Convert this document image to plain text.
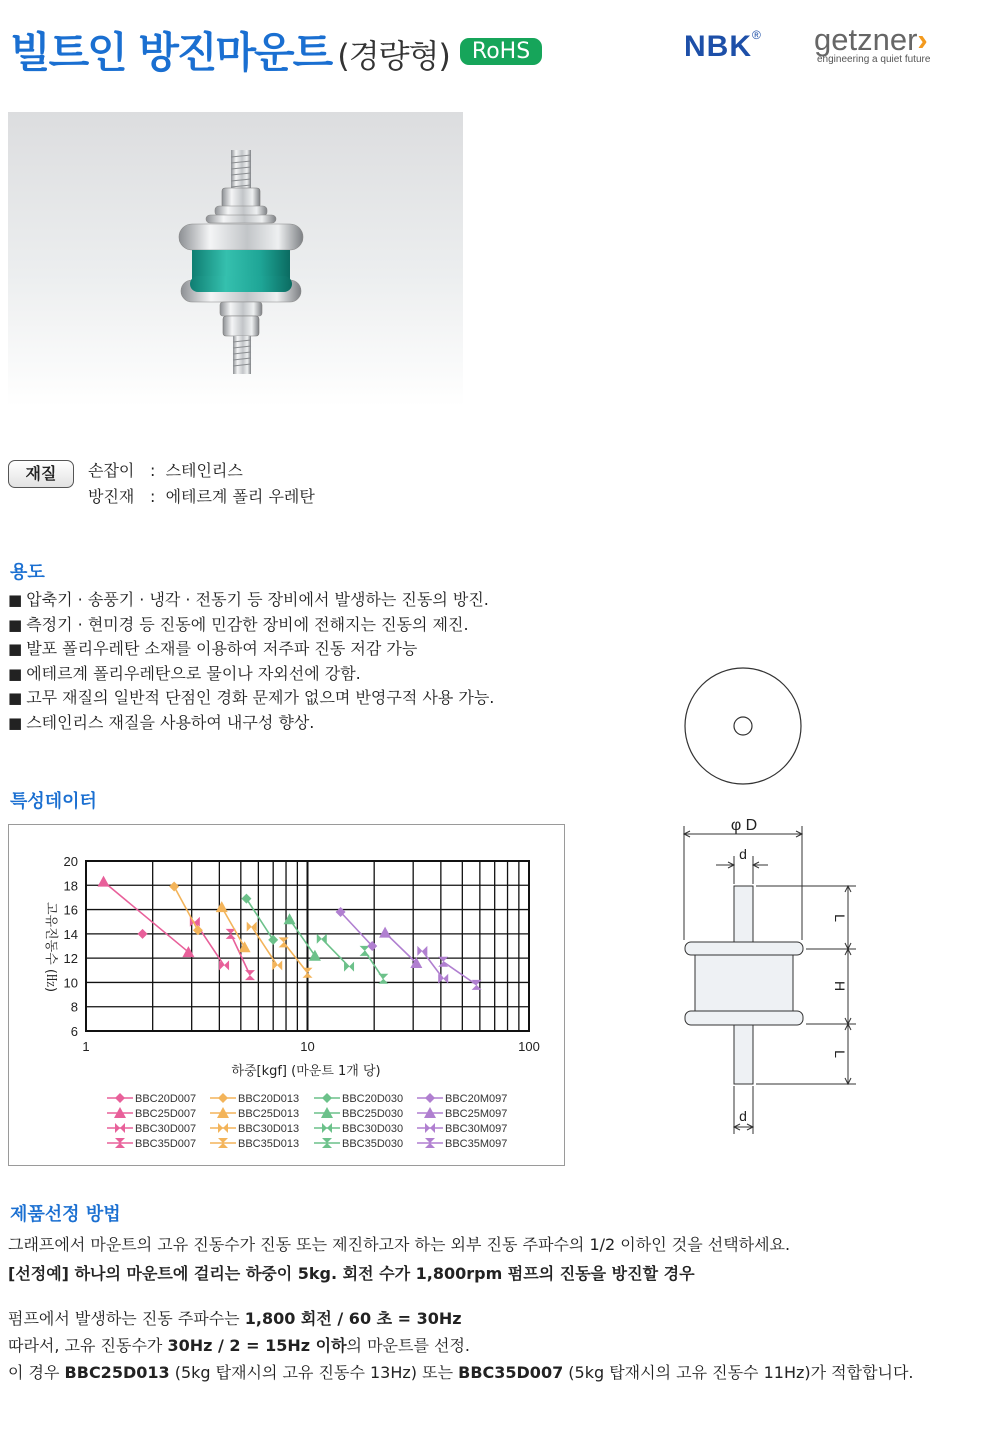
빌트인 방진마운트 (경량형) RoHS	NBK® getzner›
engineering a quiet future
재질	손잡이 : 스테인리스
방진재 : 에테르계 폴리 우레탄
용도
■ 압축기 · 송풍기 · 냉각 · 전동기 등 장비에서 발생하는 진동의 방진.
■ 측정기 · 현미경 등 진동에 민감한 장비에 전해지는 진동의 제진.
■ 발포 폴리우레탄 소재를 이용하여 저주파 진동 저감 가능
■ 에테르계 폴리우레탄으로 물이나 자외선에 강함.
■ 고무 재질의 일반적 단점인 경화 문제가 없으며 반영구적 사용 가능.
■ 스테인리스 재질을 사용하여 내구성 향상.
특성데이터
6
8
10
12
14
16
18
20
1	10	100
하중[kgf] (마운트 1개 당)
고유진동수 (㎐)
BBC20D007
BBC25D007
BBC30D007
BBC35D007
BBC20D013
BBC25D013
BBC30D013
BBC35D013
BBC20D030
BBC25D030
BBC30D030
BBC35D030
BBC20M097
BBC25M097
BBC30M097
BBC35M097
φ D
d
d
L
H
L
제품선정 방법
그래프에서 마운트의 고유 진동수가 진동 또는 제진하고자 하는 외부 진동 주파수의 1/2 이하인 것을 선택하세요.
[선정예] 하나의 마운트에 걸리는 하중이 5kg. 회전 수가 1,800rpm 펌프의 진동을 방진할 경우
펌프에서 발생하는 진동 주파수는 1,800 회전 / 60 초 = 30Hz
따라서, 고유 진동수가 30Hz / 2 = 15Hz 이하의 마운트를 선정.
이 경우 BBC25D013 (5kg 탑재시의 고유 진동수 13Hz) 또는 BBC35D007 (5kg 탑재시의 고유 진동수 11Hz)가 적합합니다.
